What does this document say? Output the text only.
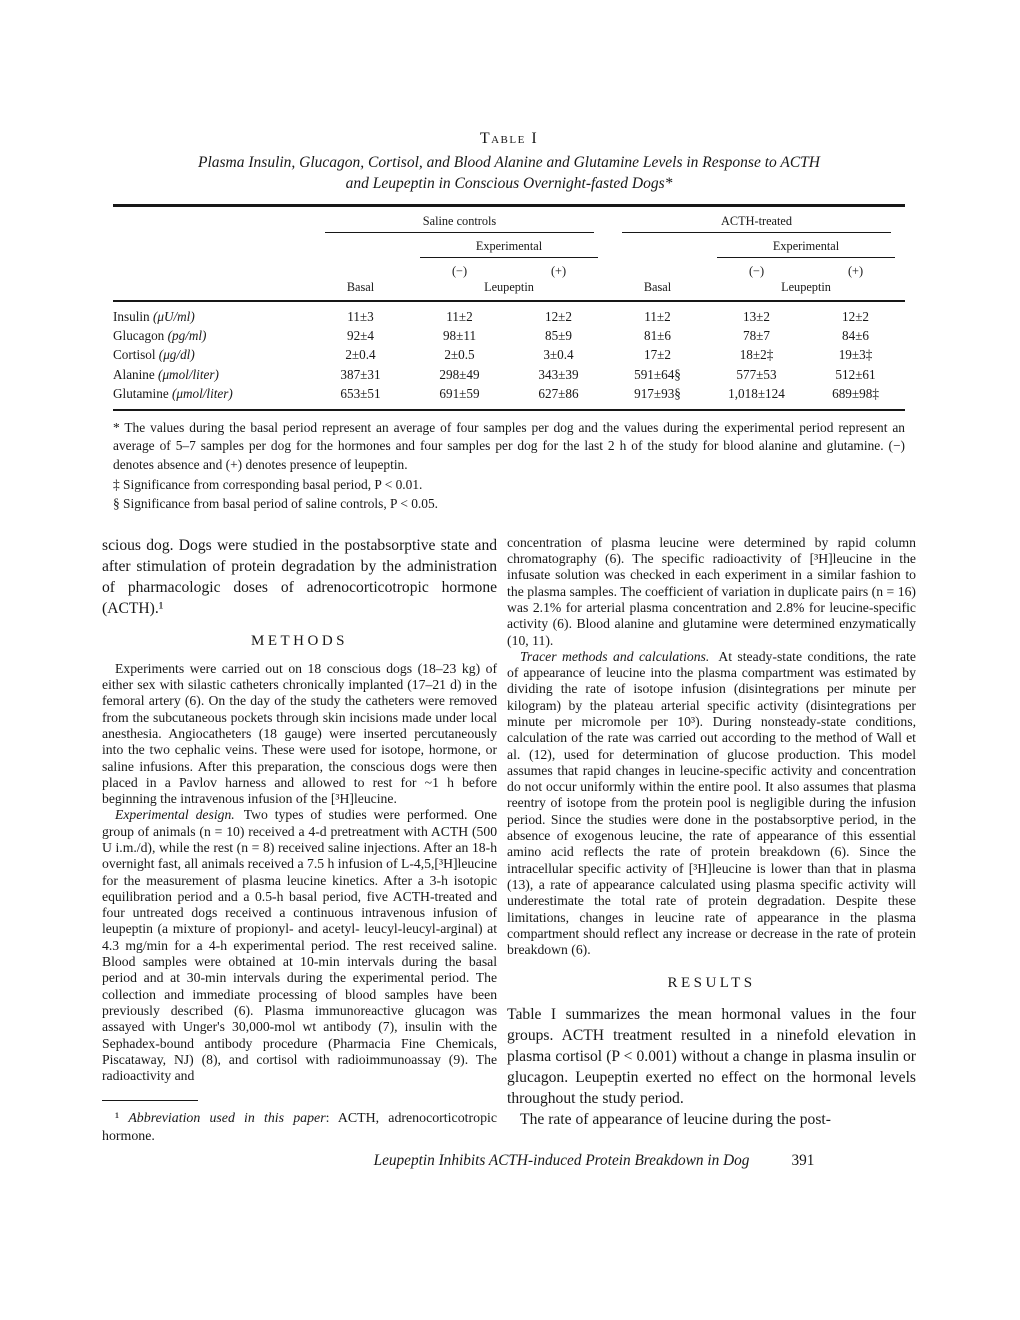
Table I
Plasma Insulin, Glucagon, Cortisol, and Blood Alanine and Glutamine Levels in Response to ACTH
and Leupeptin in Conscious Overnight-fasted Dogs*

	Saline controls			ACTH-treated		

		Experimental			Experimental	

		(−)	(+)		(−)	(+)
	Basal	Leupeptin		Basal	Leupeptin	
Insulin (μU/ml)	11±3	11±2	12±2	11±2	13±2	12±2
Glucagon (pg/ml)	92±4	98±11	85±9	81±6	78±7	84±6
Cortisol (μg/dl)	2±0.4	2±0.5	3±0.4	17±2	18±2‡	19±3‡
Alanine (μmol/liter)	387±31	298±49	343±39	591±64§	577±53	512±61
Glutamine (μmol/liter)	653±51	691±59	627±86	917±93§	1,018±124	689±98‡
* The values during the basal period represent an average of four samples per dog and the values during the experimental period represent an average of 5–7 samples per dog for the hormones and four samples per dog for the last 2 h of the study for blood alanine and glutamine. (−) denotes absence and (+) denotes presence of leupeptin.
‡ Significance from corresponding basal period, P < 0.01.
§ Significance from basal period of saline controls, P < 0.05.

scious dog. Dogs were studied in the postabsorptive state and after stimulation of protein degradation by the administration of pharmacologic doses of adrenocorticotropic hormone (ACTH).¹

METHODS

Experiments were carried out on 18 conscious dogs (18–23 kg) of either sex with silastic catheters chronically implanted (17–21 d) in the femoral artery (6). On the day of the study the catheters were removed from the subcutaneous pockets through skin incisions made under local anesthesia. Angiocatheters (18 gauge) were inserted percutaneously into the two cephalic veins. These were used for isotope, hormone, or saline infusions. After this preparation, the conscious dogs were then placed in a Pavlov harness and allowed to rest for ~1 h before beginning the intravenous infusion of the [³H]leucine.

Experimental design. Two types of studies were performed. One group of animals (n = 10) received a 4-d pretreatment with ACTH (500 U i.m./d), while the rest (n = 8) received saline injections. After an 18-h overnight fast, all animals received a 7.5 h infusion of L-4,5,[³H]leucine for the measurement of plasma leucine kinetics. After a 3-h isotopic equilibration period and a 0.5-h basal period, five ACTH-treated and four untreated dogs received a continuous intravenous infusion of leupeptin (a mixture of propionyl- and acetyl- leucyl-leucyl-arginal) at 4.3 mg/min for a 4-h experimental period. The rest received saline. Blood samples were obtained at 10-min intervals during the basal period and at 30-min intervals during the experimental period. The collection and immediate processing of blood samples have been previously described (6). Plasma immunoreactive glucagon was assayed with Unger's 30,000-mol wt antibody (7), insulin with the Sephadex-bound antibody procedure (Pharmacia Fine Chemicals, Piscataway, NJ) (8), and cortisol with radioimmunoassay (9). The radioactivity and

¹ Abbreviation used in this paper: ACTH, adrenocorticotropic hormone.

concentration of plasma leucine were determined by rapid column chromatography (6). The specific radioactivity of [³H]leucine in the infusate solution was checked in each experiment in a similar fashion to the plasma samples. The coefficient of variation in duplicate pairs (n = 16) was 2.1% for arterial plasma concentration and 2.8% for leucine-specific activity (6). Blood alanine and glutamine were determined enzymatically (10, 11).

Tracer methods and calculations. At steady-state conditions, the rate of appearance of leucine into the plasma compartment was estimated by dividing the rate of isotope infusion (disintegrations per minute per kilogram) by the plateau arterial specific activity (disintegrations per minute per micromole per 10³). During nonsteady-state conditions, calculation of the rate was carried out according to the method of Wall et al. (12), used for determination of glucose production. This model assumes that rapid changes in leucine-specific activity and concentration do not occur uniformly within the entire pool. It also assumes that plasma reentry of isotope from the protein pool is negligible during the infusion period. Since the studies were done in the postabsorptive period, in the absence of exogenous leucine, the rate of appearance of this essential amino acid reflects the rate of protein breakdown (6). Since the intracellular specific activity of [³H]leucine is lower than that in plasma (13), a rate of appearance calculated using plasma specific activity will underestimate the total rate of protein degradation. Despite these limitations, changes in leucine rate of appearance in the plasma compartment should reflect any increase or decrease in the rate of protein breakdown (6).

RESULTS

Table I summarizes the mean hormonal values in the four groups. ACTH treatment resulted in a ninefold elevation in plasma cortisol (P < 0.001) without a change in plasma insulin or glucagon. Leupeptin exerted no effect on the hormonal levels throughout the study period.

The rate of appearance of leucine during the post-

Leupeptin Inhibits ACTH-induced Protein Breakdown in Dog	391
